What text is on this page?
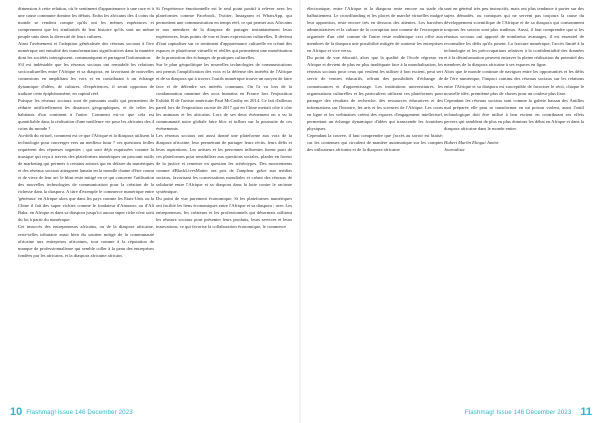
dimension à cette relation, où le sentiment d'appartenance à une race et à une cause commune domine les débats. Enfin les africains des 4 coins du monde se rendent compte qu'ils ont les mêmes espérances et comprennent que les similarités de leur histoire qu'ils sont un même peuple unis dans la diversité de leurs cultures.

Ainsi l'avènement et l'adoption généralisée des réseaux sociaux à l'ère numérique ont entraîné des transformations significatives dans la manière dont les sociétés interagissent, communiquent et partagent l'information.

S'il est indéniable que les réseaux sociaux ont remodelé les relations socioculturelles entre l'Afrique et sa diaspora, en favorisant de nouvelles connexions en amplifiant les voix et en contribuant à un échange dynamique d'idées, de cultures, d'expériences, il serait opportun de traduire cette épiphénomène, en capital réel.

Puisque les réseaux sociaux sont de puissants outils qui permettent de réduire artificiellement les distances géographiques, et de relier les habitants d'un continent à l'autre. Comment est-ce que cela est quantifiable dans la réalisation d'une meilleure vie pour les africains des 4 coins du monde ?

Au-delà du virtuel, comment est ce que l'Afrique et la diaspora utilisent la technologie pour converger vers un meilleur futur ? ces questions feilles requièrent des réponses urgentes ; qui sont déjà esquissées comme la musique qui reçu à travers des plateformes numériques un prisount outils de marketing qui permets à certains artistes qui en défaire du numériques et des réseaux sociaux atteignent lamain en la mondle chaine d'être connu et de vivre de leur art. le blint reste mitigé en ce qui concerne l'utilisation des nouvelles technologies de communication pour la création de la richesse dans la diaspora. A titre d'exemple le commerce numérique entre 'généraux' en Afrique alors que dans les pays comme les Etats-Unis ou la Chine il fait des super vichies comme le fondateur d'Amazon, ou d'Ali Baba. en Afrique et dans sa diaspora jusqu'ici aucun super riche n'est sorti du lot à partir du numérique.

Cet insuccès des entrepreneurs africains, ou de la diaspora africaine, reste-telles tributaire aussi bien du soutien mitigé de la communauté africaine aux entreprises africaines, tout comme à la réputation de manque de professionnalisme qui semble coller à la peau des entreprises fondées par les africains, et la diaspora africaine africain.

Si l'expérience émotionnelle est le seul point positif à relever avec les plateformes comme Facebook, Twitter, Instagram et WhatsApp, qui permettent une communication en temps réel, ce qui permet aux Africains et aux membres de la diaspora de partager instantanément leurs expériences, leurs points de vue et leurs expressions culturelles, Il devient d'faut capitaliser sur ce sentiment d'appartenance culturelle en créant des espaces et plateforme virtuelle et réelles qui permettent une monétisation de la promotion des échanges de pratiques culturelles.

Sur le plan géopolitique les nouvelles technologies de communications ont permis l'amplification des voix et la défense des intérêts de l'Afrique et de sa diaspora qui à travers l'outils numérique trouve un moyen de faire face et de défendre ses intérêts communs. On l'a vu lors de la condamnation unanime des zoos humains en France lors l'exposition Exhibit B de l'artiste américain Paul McCarthy en 2014. Ce fait d'ailleurs pareil lors de l'exposition raciste de 2017 qui en Chine mettait côte à côte les animaux et les africains. Lors de ses deux événement on a vu la communauté noire globale faire bloc et influer sur la poursuite de ces événements.

Les réseaux sociaux ont aussi donné une plateforme aux voix de la diaspora africaine, leur permettant de partager leurs récits, leurs défis et leurs aspirations. Les artistes et les personnes influentes furent parti de ces plateformes pour sensibiliser aux questions sociales, plaider en faveur de la justice et remettre en question les stéréotypes. Des mouvements comme #BlackLivesMatter ont pris de l'ampleur grâce aux médias sociaux, favorisant les conversations mondiales et créant des réseaux de solidarité entre l'Afrique et sa diaspora dans la lutte contre le racisme systémique.

Du point de vue purement économique, Si les plateformes numériques ont facilité les liens économiques entre l'Afrique et sa diaspora ; avec Les entrepreneurs, les créateurs et les professionnels qui désormais utilisent les réseaux sociaux pour présenter leurs produits, leurs services et leurs innovations, ce qui favorise la collaboration économique, le commerce

électronique, entre l'Afrique et la diaspora reste encore au stade du balbutiement. Le crowdfunding et les places de marché virtuelles malgré leur apparition, reste encore très en dessous des attentes. Les barrières administratives et la culture de la corruption tout comme de l'escroquerie organisée d'un côté comme de l'autre reste endémique ceci offre aux membres de la diaspora une possibilité mitigée de soutenir les entreprises en Afrique et vice versa.

Du point de vue éducatif, alors que la qualité de l'école régresse en Afrique et devient de plus en plus inadéquate face à la mondialisation, les réseaux sociaux pour ceux qui veulent les utiliser à bon escient, peut sert servir de centres éducatifs, offrant des possibilités d'échange de connaissances et d'apprentissage. Les institutions universitaires, les organisations culturelles et les particuliers utilisent ces plateformes pour partager des résultats de recherche, des ressources éducatives et des informations sur l'histoire, les arts et les sciences de l'Afrique. Les cours en ligne et les webinaires créent des espaces d'engagement intellectuel, permettant un échange dynamique d'idées qui transcende les frontières physiques.

Cependant la couvee, il faut comprendre que j'accès au savoir est biaisé; car les contenues qui circulent de manière automatique sur les comptes des utilisateurs africains et de la diaspora africaine

sont en général très peu instructifs, mais ont plus tendance à porter sur des sujets démodés, ou comiques qui ne servent pas toujours la cause du développement scientifique de l'Afrique et de sa diaspora qui consomment toujours les savoirs sont plus studieux. Aussi, il faut comprendre que si les réseaux sociaux ont apporté de nombreux avantages, il est essentiel de reconnaître les défis qu'ils posent. La fracture numérique, l'accès limité à la technologie et les préoccupations relatives à la confidentialité des données et à la désinformation peuvent entraver la pleine réalisation du potentiel des membres de la diaspora africaine à ses espaces en ligne.

Alors que le monde continue de naviguer entre les opportunités et les défis de l'ère numérique, l'impact continu des réseaux sociaux sur les relations entre l'Afrique et sa diaspora est susceptible de favoriser le récit, chaque le nouvelle idée, premième plus de choses pour un couleur plus lisse.

Cependant les réseaux sociaux sont comme la galette bassan des Antilles mal préparée elle peut se transformer en un poison violent, aussi l'outil technologique doit être utilisé à bon escient en contribuant ses effets pervers qui semblent de plus en plus dominer les débat en Afrique et dans la diaspora africaine dans le monde entier.

Hubert Marlin Elingui Junior
Journaliste

10 Flashmag! Issue 146 December 2023	Flashmag! Issue 146 December 2023 11
